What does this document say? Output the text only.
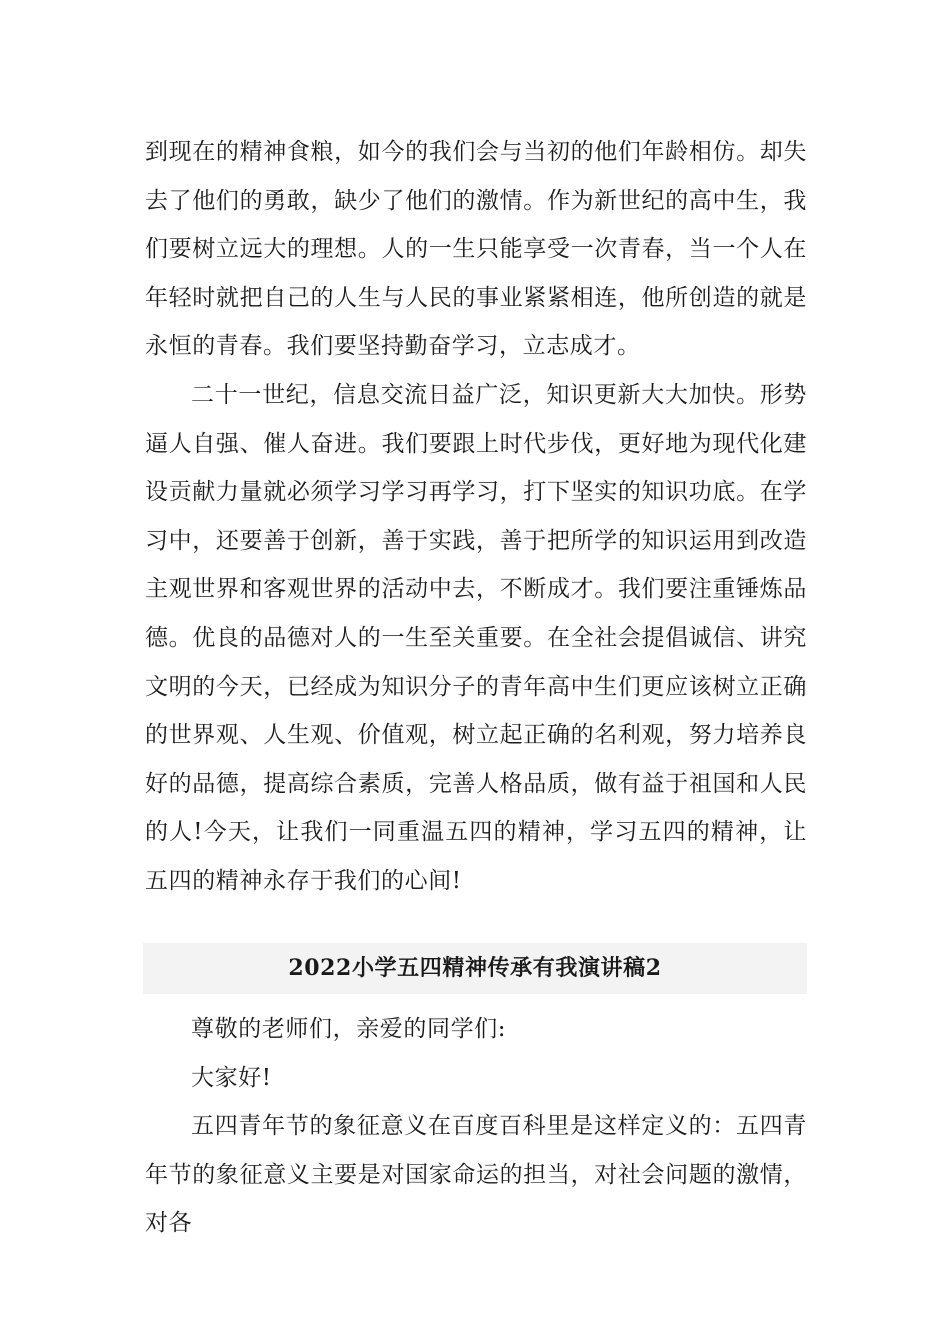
到现在的精神食粮，如今的我们会与当初的他们年龄相仿。却失去了他们的勇敢，缺少了他们的激情。作为新世纪的高中生，我们要树立远大的理想。人的一生只能享受一次青春，当一个人在年轻时就把自己的人生与人民的事业紧紧相连，他所创造的就是永恒的青春。我们要坚持勤奋学习，立志成才。

二十一世纪，信息交流日益广泛，知识更新大大加快。形势逼人自强、催人奋进。我们要跟上时代步伐，更好地为现代化建设贡献力量就必须学习学习再学习，打下坚实的知识功底。在学习中，还要善于创新，善于实践，善于把所学的知识运用到改造主观世界和客观世界的活动中去，不断成才。我们要注重锤炼品德。优良的品德对人的一生至关重要。在全社会提倡诚信、讲究文明的今天，已经成为知识分子的青年高中生们更应该树立正确的世界观、人生观、价值观，树立起正确的名利观，努力培养良好的品德，提高综合素质，完善人格品质，做有益于祖国和人民的人!今天，让我们一同重温五四的精神，学习五四的精神，让五四的精神永存于我们的心间!

2022小学五四精神传承有我演讲稿2

尊敬的老师们，亲爱的同学们:

大家好!

五四青年节的象征意义在百度百科里是这样定义的：五四青年节的象征意义主要是对国家命运的担当，对社会问题的激情，对各
